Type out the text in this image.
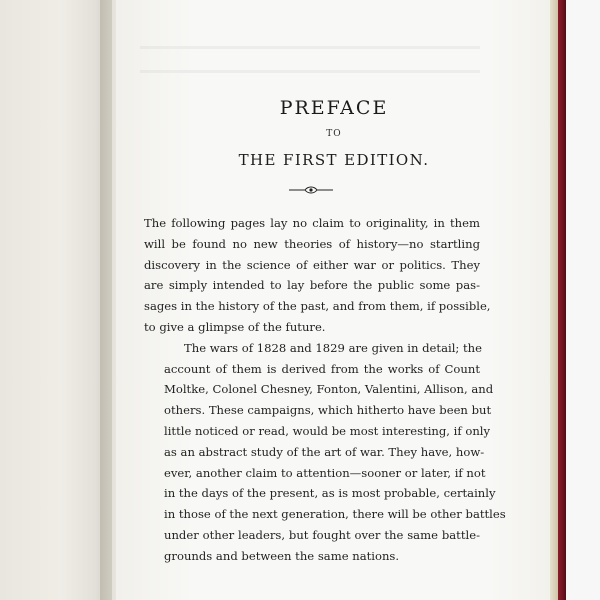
PREFACE
TO
THE FIRST EDITION.

The following pages lay no claim to originality, in them
will be found no new theories of history—no startling
discovery in the science of either war or politics. They
are simply intended to lay before the public some pas-
sages in the history of the past, and from them, if possible,
to give a glimpse of the future.

The wars of 1828 and 1829 are given in detail; the
account of them is derived from the works of Count
Moltke, Colonel Chesney, Fonton, Valentini, Allison, and
others. These campaigns, which hitherto have been but
little noticed or read, would be most interesting, if only
as an abstract study of the art of war. They have, how-
ever, another claim to attention—sooner or later, if not
in the days of the present, as is most probable, certainly
in those of the next generation, there will be other battles
under other leaders, but fought over the same battle-
grounds and between the same nations.
